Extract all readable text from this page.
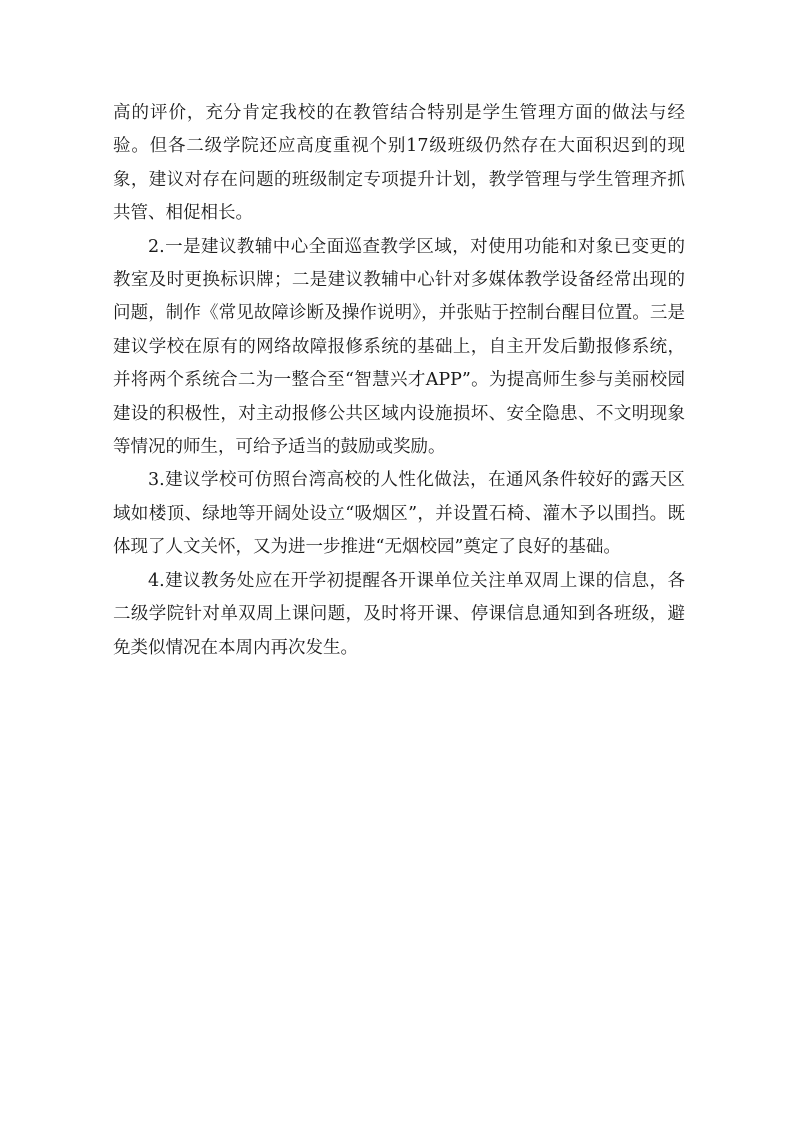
高的评价，充分肯定我校的在教管结合特别是学生管理方面的做法与经验。但各二级学院还应高度重视个别17级班级仍然存在大面积迟到的现象，建议对存在问题的班级制定专项提升计划，教学管理与学生管理齐抓共管、相促相长。

2.一是建议教辅中心全面巡查教学区域，对使用功能和对象已变更的教室及时更换标识牌；二是建议教辅中心针对多媒体教学设备经常出现的问题，制作《常见故障诊断及操作说明》，并张贴于控制台醒目位置。三是建议学校在原有的网络故障报修系统的基础上，自主开发后勤报修系统，并将两个系统合二为一整合至“智慧兴才APP”。为提高师生参与美丽校园建设的积极性，对主动报修公共区域内设施损坏、安全隐患、不文明现象等情况的师生，可给予适当的鼓励或奖励。

3.建议学校可仿照台湾高校的人性化做法，在通风条件较好的露天区域如楼顶、绿地等开阔处设立“吸烟区”，并设置石椅、灌木予以围挡。既体现了人文关怀，又为进一步推进“无烟校园”奠定了良好的基础。

4.建议教务处应在开学初提醒各开课单位关注单双周上课的信息，各二级学院针对单双周上课问题，及时将开课、停课信息通知到各班级，避免类似情况在本周内再次发生。
